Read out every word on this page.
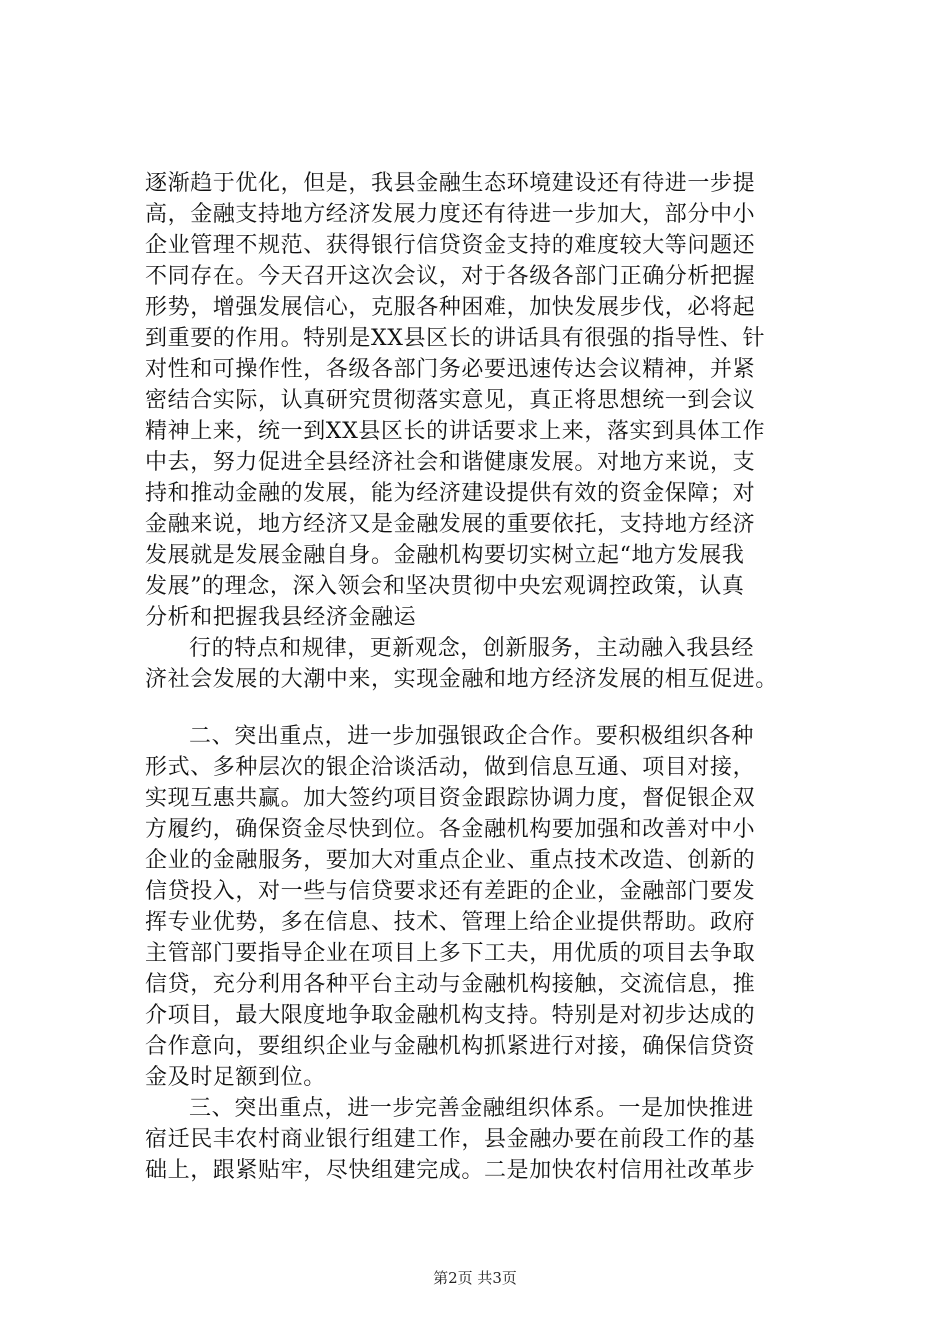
逐渐趋于优化，但是，我县金融生态环境建设还有待进一步提
高，金融支持地方经济发展力度还有待进一步加大，部分中小
企业管理不规范、获得银行信贷资金支持的难度较大等问题还
不同存在。今天召开这次会议，对于各级各部门正确分析把握
形势，增强发展信心，克服各种困难，加快发展步伐，必将起
到重要的作用。特别是XX县区长的讲话具有很强的指导性、针
对性和可操作性，各级各部门务必要迅速传达会议精神，并紧
密结合实际，认真研究贯彻落实意见，真正将思想统一到会议
精神上来，统一到XX县区长的讲话要求上来，落实到具体工作
中去，努力促进全县经济社会和谐健康发展。对地方来说，支
持和推动金融的发展，能为经济建设提供有效的资金保障；对
金融来说，地方经济又是金融发展的重要依托，支持地方经济
发展就是发展金融自身。金融机构要切实树立起“地方发展我
发展”的理念，深入领会和坚决贯彻中央宏观调控政策，认真
分析和把握我县经济金融运
行的特点和规律，更新观念，创新服务，主动融入我县经
济社会发展的大潮中来，实现金融和地方经济发展的相互促进。
二、突出重点，进一步加强银政企合作。要积极组织各种
形式、多种层次的银企洽谈活动，做到信息互通、项目对接，
实现互惠共赢。加大签约项目资金跟踪协调力度，督促银企双
方履约，确保资金尽快到位。各金融机构要加强和改善对中小
企业的金融服务，要加大对重点企业、重点技术改造、创新的
信贷投入，对一些与信贷要求还有差距的企业，金融部门要发
挥专业优势，多在信息、技术、管理上给企业提供帮助。政府
主管部门要指导企业在项目上多下工夫，用优质的项目去争取
信贷，充分利用各种平台主动与金融机构接触，交流信息，推
介项目，最大限度地争取金融机构支持。特别是对初步达成的
合作意向，要组织企业与金融机构抓紧进行对接，确保信贷资
金及时足额到位。
三、突出重点，进一步完善金融组织体系。一是加快推进
宿迁民丰农村商业银行组建工作，县金融办要在前段工作的基
础上，跟紧贴牢，尽快组建完成。二是加快农村信用社改革步
第2页 共3页
